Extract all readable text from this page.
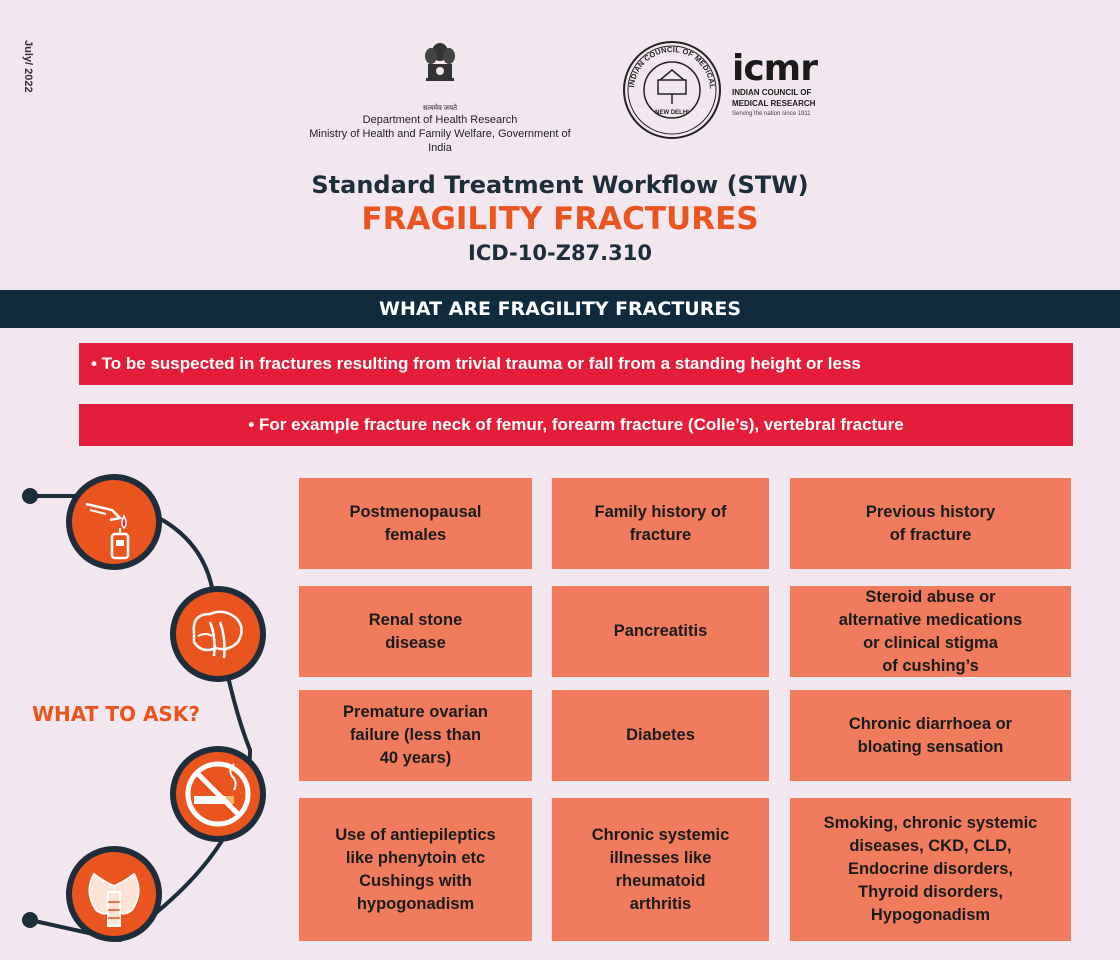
July/ 2022
सत्यमेव जयते
Department of Health Research
Ministry of Health and Family Welfare, Government of India
INDIAN COUNCIL OF MEDICAL
NEW DELHI
icmr
INDIAN COUNCIL OF
MEDICAL RESEARCH
Serving the nation since 1911
Standard Treatment Workflow (STW)
FRAGILITY FRACTURES
ICD-10-Z87.310
WHAT ARE FRAGILITY FRACTURES
• To be suspected in fractures resulting from trivial trauma or fall from a standing height or less
• For example fracture neck of femur, forearm fracture (Colle’s), vertebral fracture
WHAT TO ASK?
Postmenopausal
females
Family history of
fracture
Previous history
of fracture
Renal stone
disease
Pancreatitis
Steroid abuse or
alternative medications
or clinical stigma
of cushing’s
Premature ovarian
failure (less than
40 years)
Diabetes
Chronic diarrhoea or
bloating sensation
Use of antiepileptics
like phenytoin etc
Cushings with
hypogonadism
Chronic systemic
illnesses like
rheumatoid
arthritis
Smoking, chronic systemic
diseases, CKD, CLD,
Endocrine disorders,
Thyroid disorders,
Hypogonadism
